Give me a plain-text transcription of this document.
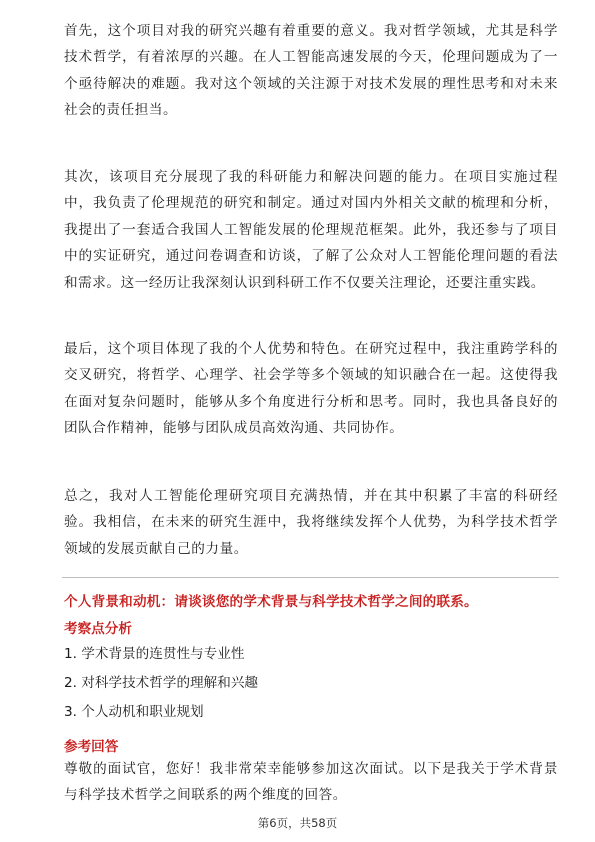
首先，这个项目对我的研究兴趣有着重要的意义。我对哲学领域，尤其是科学技术哲学，有着浓厚的兴趣。在人工智能高速发展的今天，伦理问题成为了一个亟待解决的难题。我对这个领域的关注源于对技术发展的理性思考和对未来社会的责任担当。

其次，该项目充分展现了我的科研能力和解决问题的能力。在项目实施过程中，我负责了伦理规范的研究和制定。通过对国内外相关文献的梳理和分析，我提出了一套适合我国人工智能发展的伦理规范框架。此外，我还参与了项目中的实证研究，通过问卷调查和访谈，了解了公众对人工智能伦理问题的看法和需求。这一经历让我深刻认识到科研工作不仅要关注理论，还要注重实践。

最后，这个项目体现了我的个人优势和特色。在研究过程中，我注重跨学科的交叉研究，将哲学、心理学、社会学等多个领域的知识融合在一起。这使得我在面对复杂问题时，能够从多个角度进行分析和思考。同时，我也具备良好的团队合作精神，能够与团队成员高效沟通、共同协作。

总之，我对人工智能伦理研究项目充满热情，并在其中积累了丰富的科研经验。我相信，在未来的研究生涯中，我将继续发挥个人优势，为科学技术哲学领域的发展贡献自己的力量。

个人背景和动机：请谈谈您的学术背景与科学技术哲学之间的联系。

考察点分析

1. 学术背景的连贯性与专业性
2. 对科学技术哲学的理解和兴趣
3. 个人动机和职业规划

参考回答

尊敬的面试官，您好！我非常荣幸能够参加这次面试。以下是我关于学术背景与科学技术哲学之间联系的两个维度的回答。

第6页，共58页
